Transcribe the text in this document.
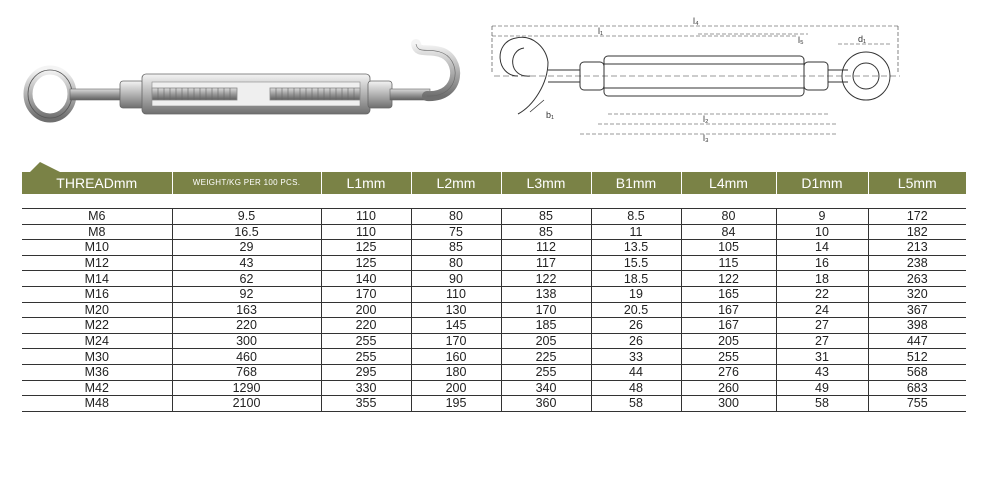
l₄
l₁
l₅	d₁
b₁	l₂
l₃
THREADmm	WEIGHT/KG PER 100 PCS.	L1mm	L2mm	L3mm	B1mm	L4mm	D1mm	L5mm

M6	9.5	110	80	85	8.5	80	9	172
M8	16.5	110	75	85	11	84	10	182
M10	29	125	85	112	13.5	105	14	213
M12	43	125	80	117	15.5	115	16	238
M14	62	140	90	122	18.5	122	18	263
M16	92	170	110	138	19	165	22	320
M20	163	200	130	170	20.5	167	24	367
M22	220	220	145	185	26	167	27	398
M24	300	255	170	205	26	205	27	447
M30	460	255	160	225	33	255	31	512
M36	768	295	180	255	44	276	43	568
M42	1290	330	200	340	48	260	49	683
M48	2100	355	195	360	58	300	58	755
